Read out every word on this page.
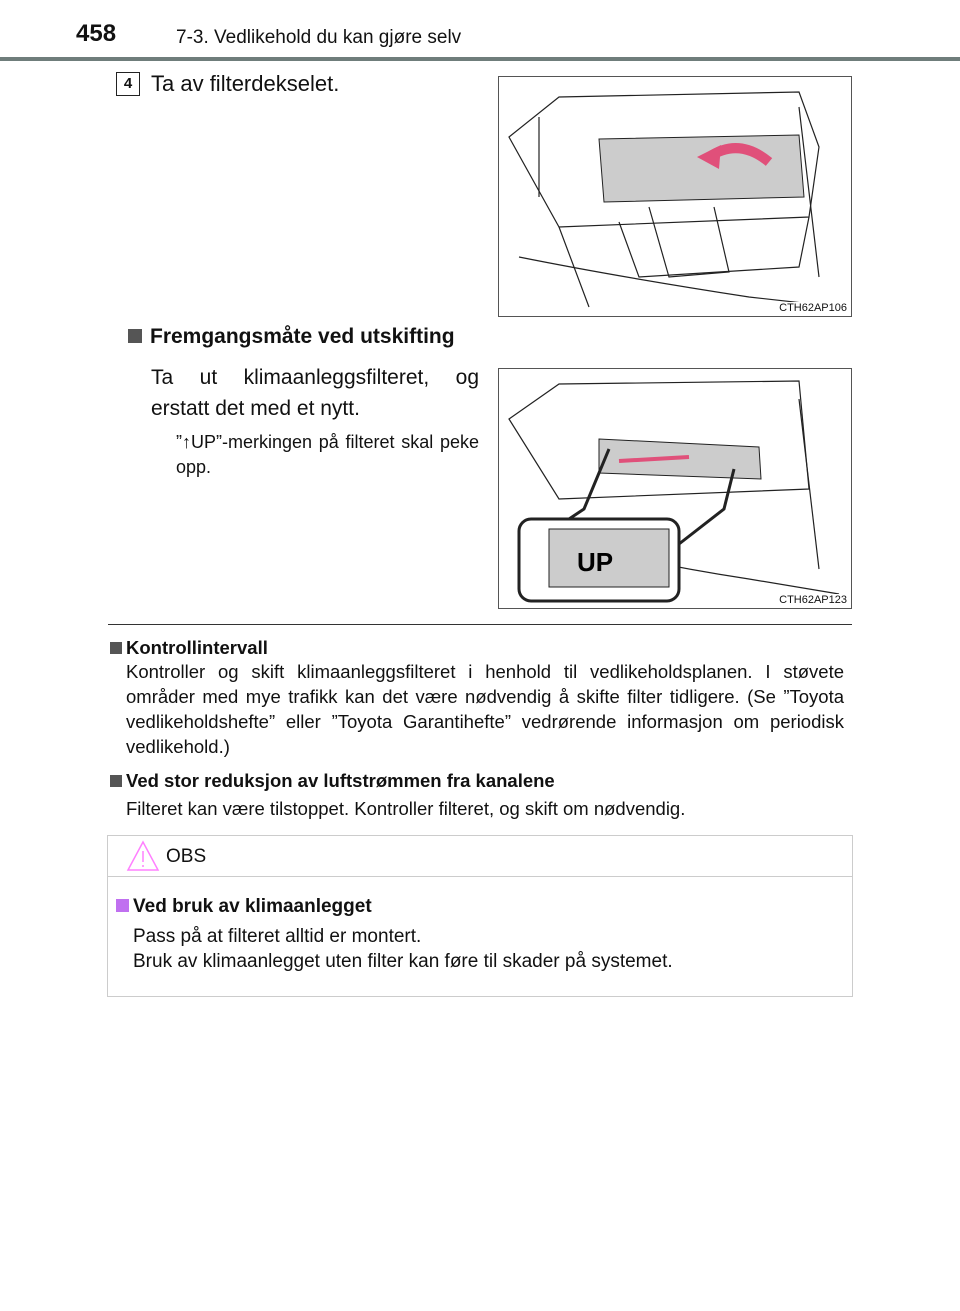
458	7-3. Vedlikehold du kan gjøre selv
4 Ta av filterdekselet.
CTH62AP106
Fremgangsmåte ved utskifting
Ta ut klimaanleggsfilteret, og erstatt det med et nytt.
”↑UP”-merkingen på filteret skal peke opp.
UP
CTH62AP123
Kontrollintervall
Kontroller og skift klimaanleggsfilteret i henhold til vedlikeholdsplanen. I støvete områder med mye trafikk kan det være nødvendig å skifte filter tidligere. (Se ”Toyota vedlikeholdshefte” eller ”Toyota Garantihefte” vedrørende informasjon om periodisk vedlikehold.)
Ved stor reduksjon av luftstrømmen fra kanalene
Filteret kan være tilstoppet. Kontroller filteret, og skift om nødvendig.
OBS
Ved bruk av klimaanlegget
Pass på at filteret alltid er montert.
Bruk av klimaanlegget uten filter kan føre til skader på systemet.
